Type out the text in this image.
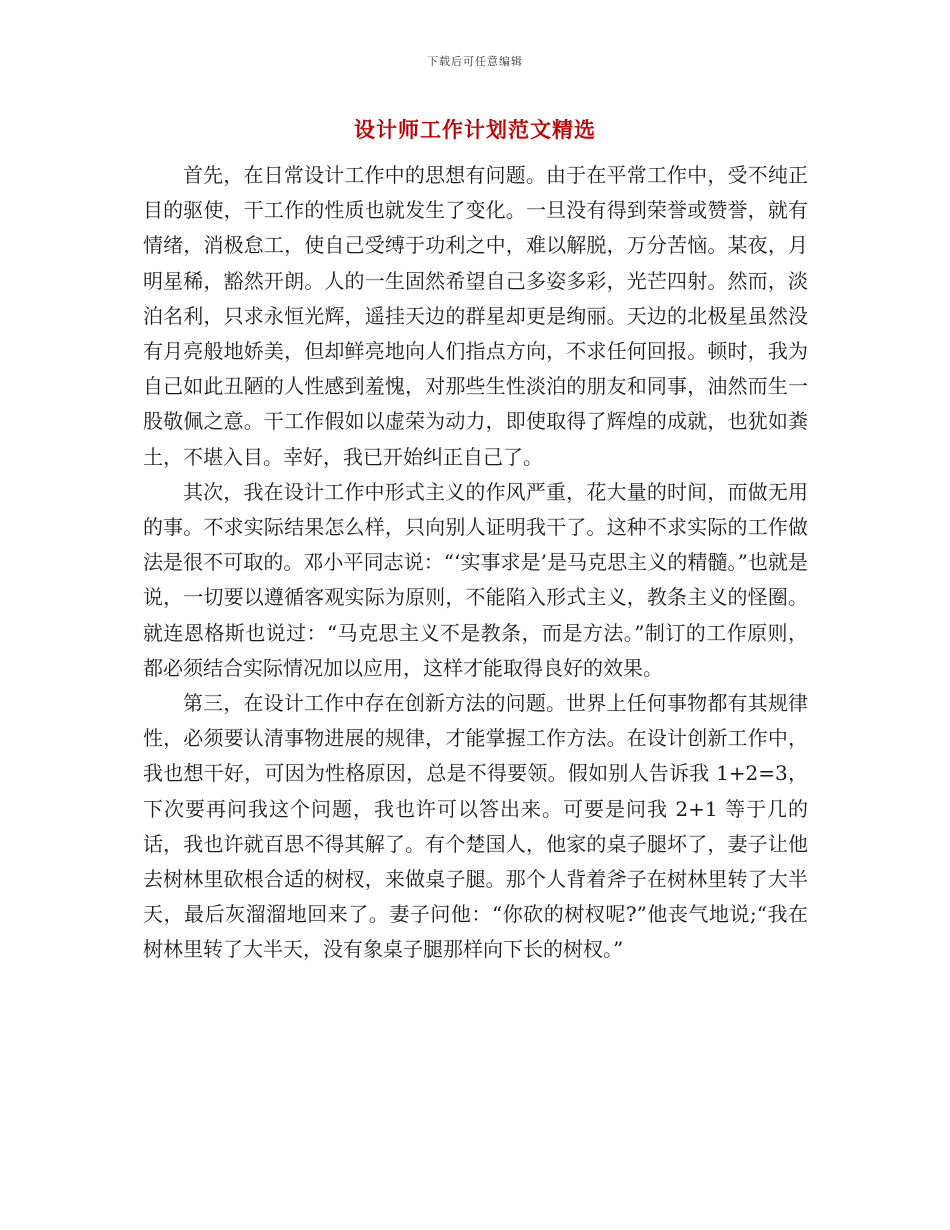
下载后可任意编辑
设计师工作计划范文精选

首先，在日常设计工作中的思想有问题。由于在平常工作中，受不纯正目的驱使，干工作的性质也就发生了变化。一旦没有得到荣誉或赞誉，就有情绪，消极怠工，使自己受缚于功利之中，难以解脱，万分苦恼。某夜，月明星稀，豁然开朗。人的一生固然希望自己多姿多彩，光芒四射。然而，淡泊名利，只求永恒光辉，遥挂天边的群星却更是绚丽。天边的北极星虽然没有月亮般地娇美，但却鲜亮地向人们指点方向，不求任何回报。顿时，我为自己如此丑陋的人性感到羞愧，对那些生性淡泊的朋友和同事，油然而生一股敬佩之意。干工作假如以虚荣为动力，即使取得了辉煌的成就，也犹如粪土，不堪入目。幸好，我已开始纠正自己了。

其次，我在设计工作中形式主义的作风严重，花大量的时间，而做无用的事。不求实际结果怎么样，只向别人证明我干了。这种不求实际的工作做法是很不可取的。邓小平同志说：“‘实事求是’是马克思主义的精髓。”也就是说，一切要以遵循客观实际为原则，不能陷入形式主义，教条主义的怪圈。就连恩格斯也说过：“马克思主义不是教条，而是方法。”制订的工作原则，都必须结合实际情况加以应用，这样才能取得良好的效果。

第三，在设计工作中存在创新方法的问题。世界上任何事物都有其规律性，必须要认清事物进展的规律，才能掌握工作方法。在设计创新工作中，我也想干好，可因为性格原因，总是不得要领。假如别人告诉我 1+2=3，下次要再问我这个问题，我也许可以答出来。可要是问我 2+1 等于几的话，我也许就百思不得其解了。有个楚国人，他家的桌子腿坏了，妻子让他去树林里砍根合适的树杈，来做桌子腿。那个人背着斧子在树林里转了大半天，最后灰溜溜地回来了。妻子问他：“你砍的树杈呢?”他丧气地说;“我在树林里转了大半天，没有象桌子腿那样向下长的树杈。”
